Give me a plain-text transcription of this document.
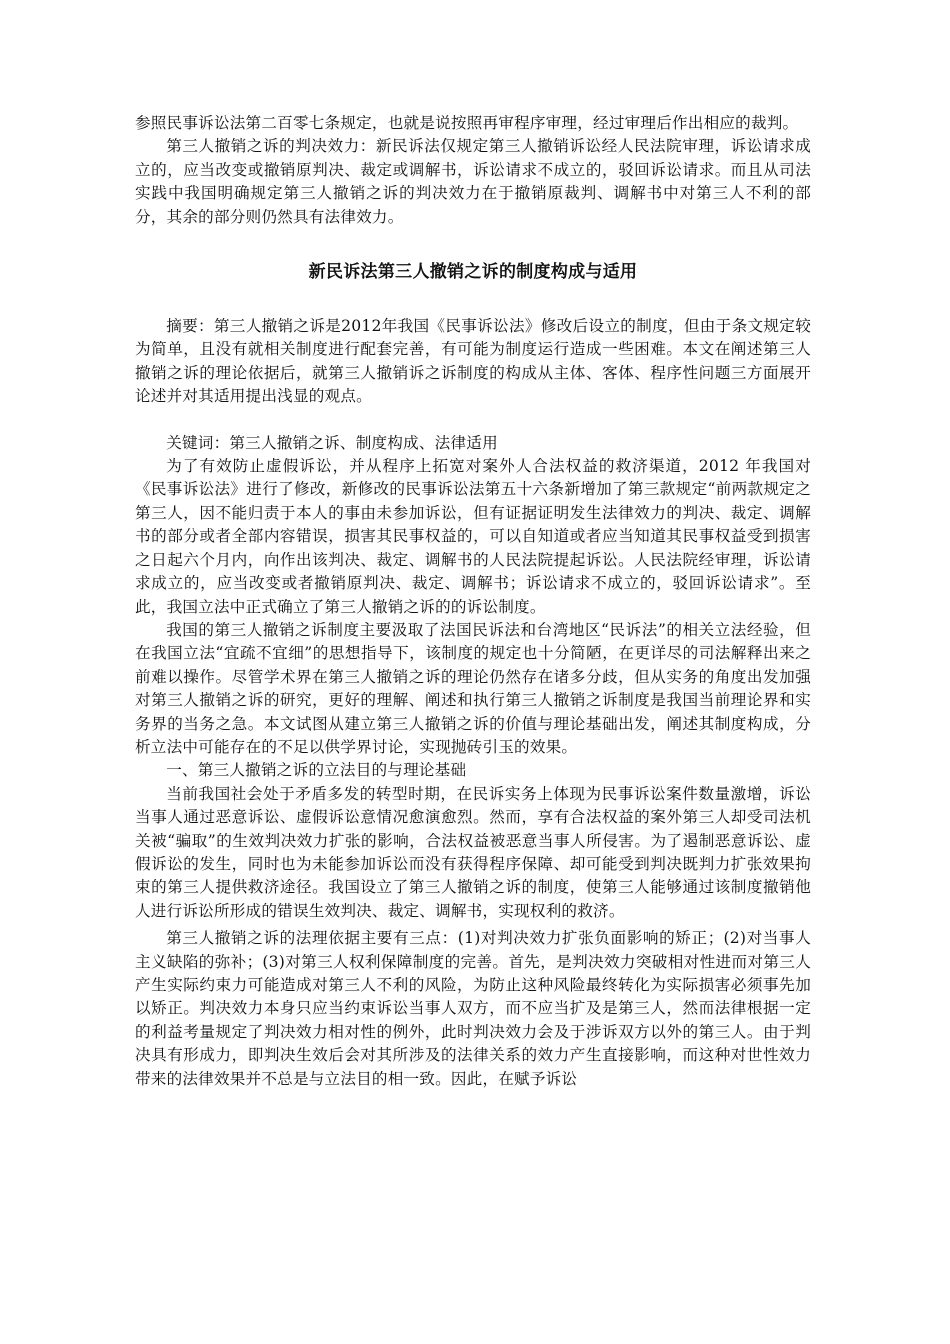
参照民事诉讼法第二百零七条规定，也就是说按照再审程序审理，经过审理后作出相应的裁判。

第三人撤销之诉的判决效力：新民诉法仅规定第三人撤销诉讼经人民法院审理，诉讼请求成立的，应当改变或撤销原判决、裁定或调解书，诉讼请求不成立的，驳回诉讼请求。而且从司法实践中我国明确规定第三人撤销之诉的判决效力在于撤销原裁判、调解书中对第三人不利的部分，其余的部分则仍然具有法律效力。

新民诉法第三人撤销之诉的制度构成与适用

摘要：第三人撤销之诉是2012年我国《民事诉讼法》修改后设立的制度，但由于条文规定较为简单，且没有就相关制度进行配套完善，有可能为制度运行造成一些困难。本文在阐述第三人撤销之诉的理论依据后，就第三人撤销诉之诉制度的构成从主体、客体、程序性问题三方面展开论述并对其适用提出浅显的观点。

关键词：第三人撤销之诉、制度构成、法律适用

为了有效防止虚假诉讼，并从程序上拓宽对案外人合法权益的救济渠道，2012 年我国对《民事诉讼法》进行了修改，新修改的民事诉讼法第五十六条新增加了第三款规定“前两款规定之第三人，因不能归责于本人的事由未参加诉讼，但有证据证明发生法律效力的判决、裁定、调解书的部分或者全部内容错误，损害其民事权益的，可以自知道或者应当知道其民事权益受到损害之日起六个月内，向作出该判决、裁定、调解书的人民法院提起诉讼。人民法院经审理，诉讼请求成立的，应当改变或者撤销原判决、裁定、调解书；诉讼请求不成立的，驳回诉讼请求”。至此，我国立法中正式确立了第三人撤销之诉的的诉讼制度。

我国的第三人撤销之诉制度主要汲取了法国民诉法和台湾地区“民诉法”的相关立法经验，但在我国立法“宜疏不宜细”的思想指导下，该制度的规定也十分简陋，在更详尽的司法解释出来之前难以操作。尽管学术界在第三人撤销之诉的理论仍然存在诸多分歧，但从实务的角度出发加强对第三人撤销之诉的研究，更好的理解、阐述和执行第三人撤销之诉制度是我国当前理论界和实务界的当务之急。本文试图从建立第三人撤销之诉的价值与理论基础出发，阐述其制度构成，分析立法中可能存在的不足以供学界讨论，实现抛砖引玉的效果。

一、第三人撤销之诉的立法目的与理论基础

当前我国社会处于矛盾多发的转型时期，在民诉实务上体现为民事诉讼案件数量激增，诉讼当事人通过恶意诉讼、虚假诉讼意情况愈演愈烈。然而，享有合法权益的案外第三人却受司法机关被“骗取”的生效判决效力扩张的影响，合法权益被恶意当事人所侵害。为了遏制恶意诉讼、虚假诉讼的发生，同时也为未能参加诉讼而没有获得程序保障、却可能受到判决既判力扩张效果拘束的第三人提供救济途径。我国设立了第三人撤销之诉的制度，使第三人能够通过该制度撤销他人进行诉讼所形成的错误生效判决、裁定、调解书，实现权利的救济。

第三人撤销之诉的法理依据主要有三点：(1)对判决效力扩张负面影响的矫正；(2)对当事人主义缺陷的弥补；(3)对第三人权利保障制度的完善。首先，是判决效力突破相对性进而对第三人产生实际约束力可能造成对第三人不利的风险，为防止这种风险最终转化为实际损害必须事先加以矫正。判决效力本身只应当约束诉讼当事人双方，而不应当扩及是第三人，然而法律根据一定的利益考量规定了判决效力相对性的例外，此时判决效力会及于涉诉双方以外的第三人。由于判决具有形成力，即判决生效后会对其所涉及的法律关系的效力产生直接影响，而这种对世性效力带来的法律效果并不总是与立法目的相一致。因此，在赋予诉讼
